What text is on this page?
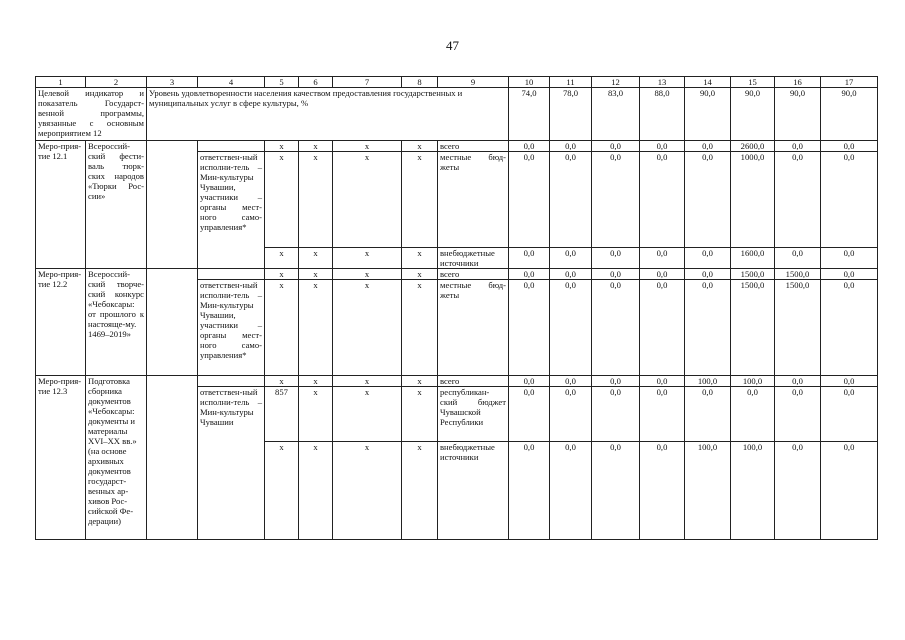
47
1	2	3	4	5	6	7	8	9	10	11	12	13	14	15	16	17
Целевой индикатор и показатель Государст-венной программы, увязанные с основным мероприятием 12		Уровень удовлетворенности населения качеством предоставления государственных и муниципальных услуг в сфере культуры, %							74,0	78,0	83,0	88,0	90,0	90,0	90,0	90,0
Меро-прия-тие 12.1	Всероссий-ский фести-валь тюрк-ских народов «Тюрки Рос-сии»			x	x	x	x	всего	0,0	0,0	0,0	0,0	0,0	2600,0	0,0	0,0
			ответствен-ный исполни-тель – Мин-культуры Чувашии, участники – органы мест-ного само-управления*	x	x	x	x	местные бюд-жеты	0,0	0,0	0,0	0,0	0,0	1000,0	0,0	0,0
				x	x	x	x	внебюджетные источники	0,0	0,0	0,0	0,0	0,0	1600,0	0,0	0,0
Меро-прия-тие 12.2	Всероссий-ский творче-ский конкурс «Чебоксары: от прошлого к настояще-му. 1469–2019»			x	x	x	x	всего	0,0	0,0	0,0	0,0	0,0	1500,0	1500,0	0,0
			ответствен-ный исполни-тель – Мин-культуры Чувашии, участники – органы мест-ного само-управления*	x	x	x	x	местные бюд-жеты	0,0	0,0	0,0	0,0	0,0	1500,0	1500,0	0,0
Меро-прия-тие 12.3	Подготовка сборника документов «Чебоксары: документы и материалы XVI–XX вв.» (на основе архивных документов государст-венных ар-хивов Рос-сийской Фе-дерации)			x	x	x	x	всего	0,0	0,0	0,0	0,0	100,0	100,0	0,0	0,0
			ответствен-ный исполни-тель – Мин-культуры Чувашии	857	x	x	x	республикан-ский бюджет Чувашской Республики	0,0	0,0	0,0	0,0	0,0	0,0	0,0	0,0
				x	x	x	x	внебюджетные источники	0,0	0,0	0,0	0,0	100,0	100,0	0,0	0,0
